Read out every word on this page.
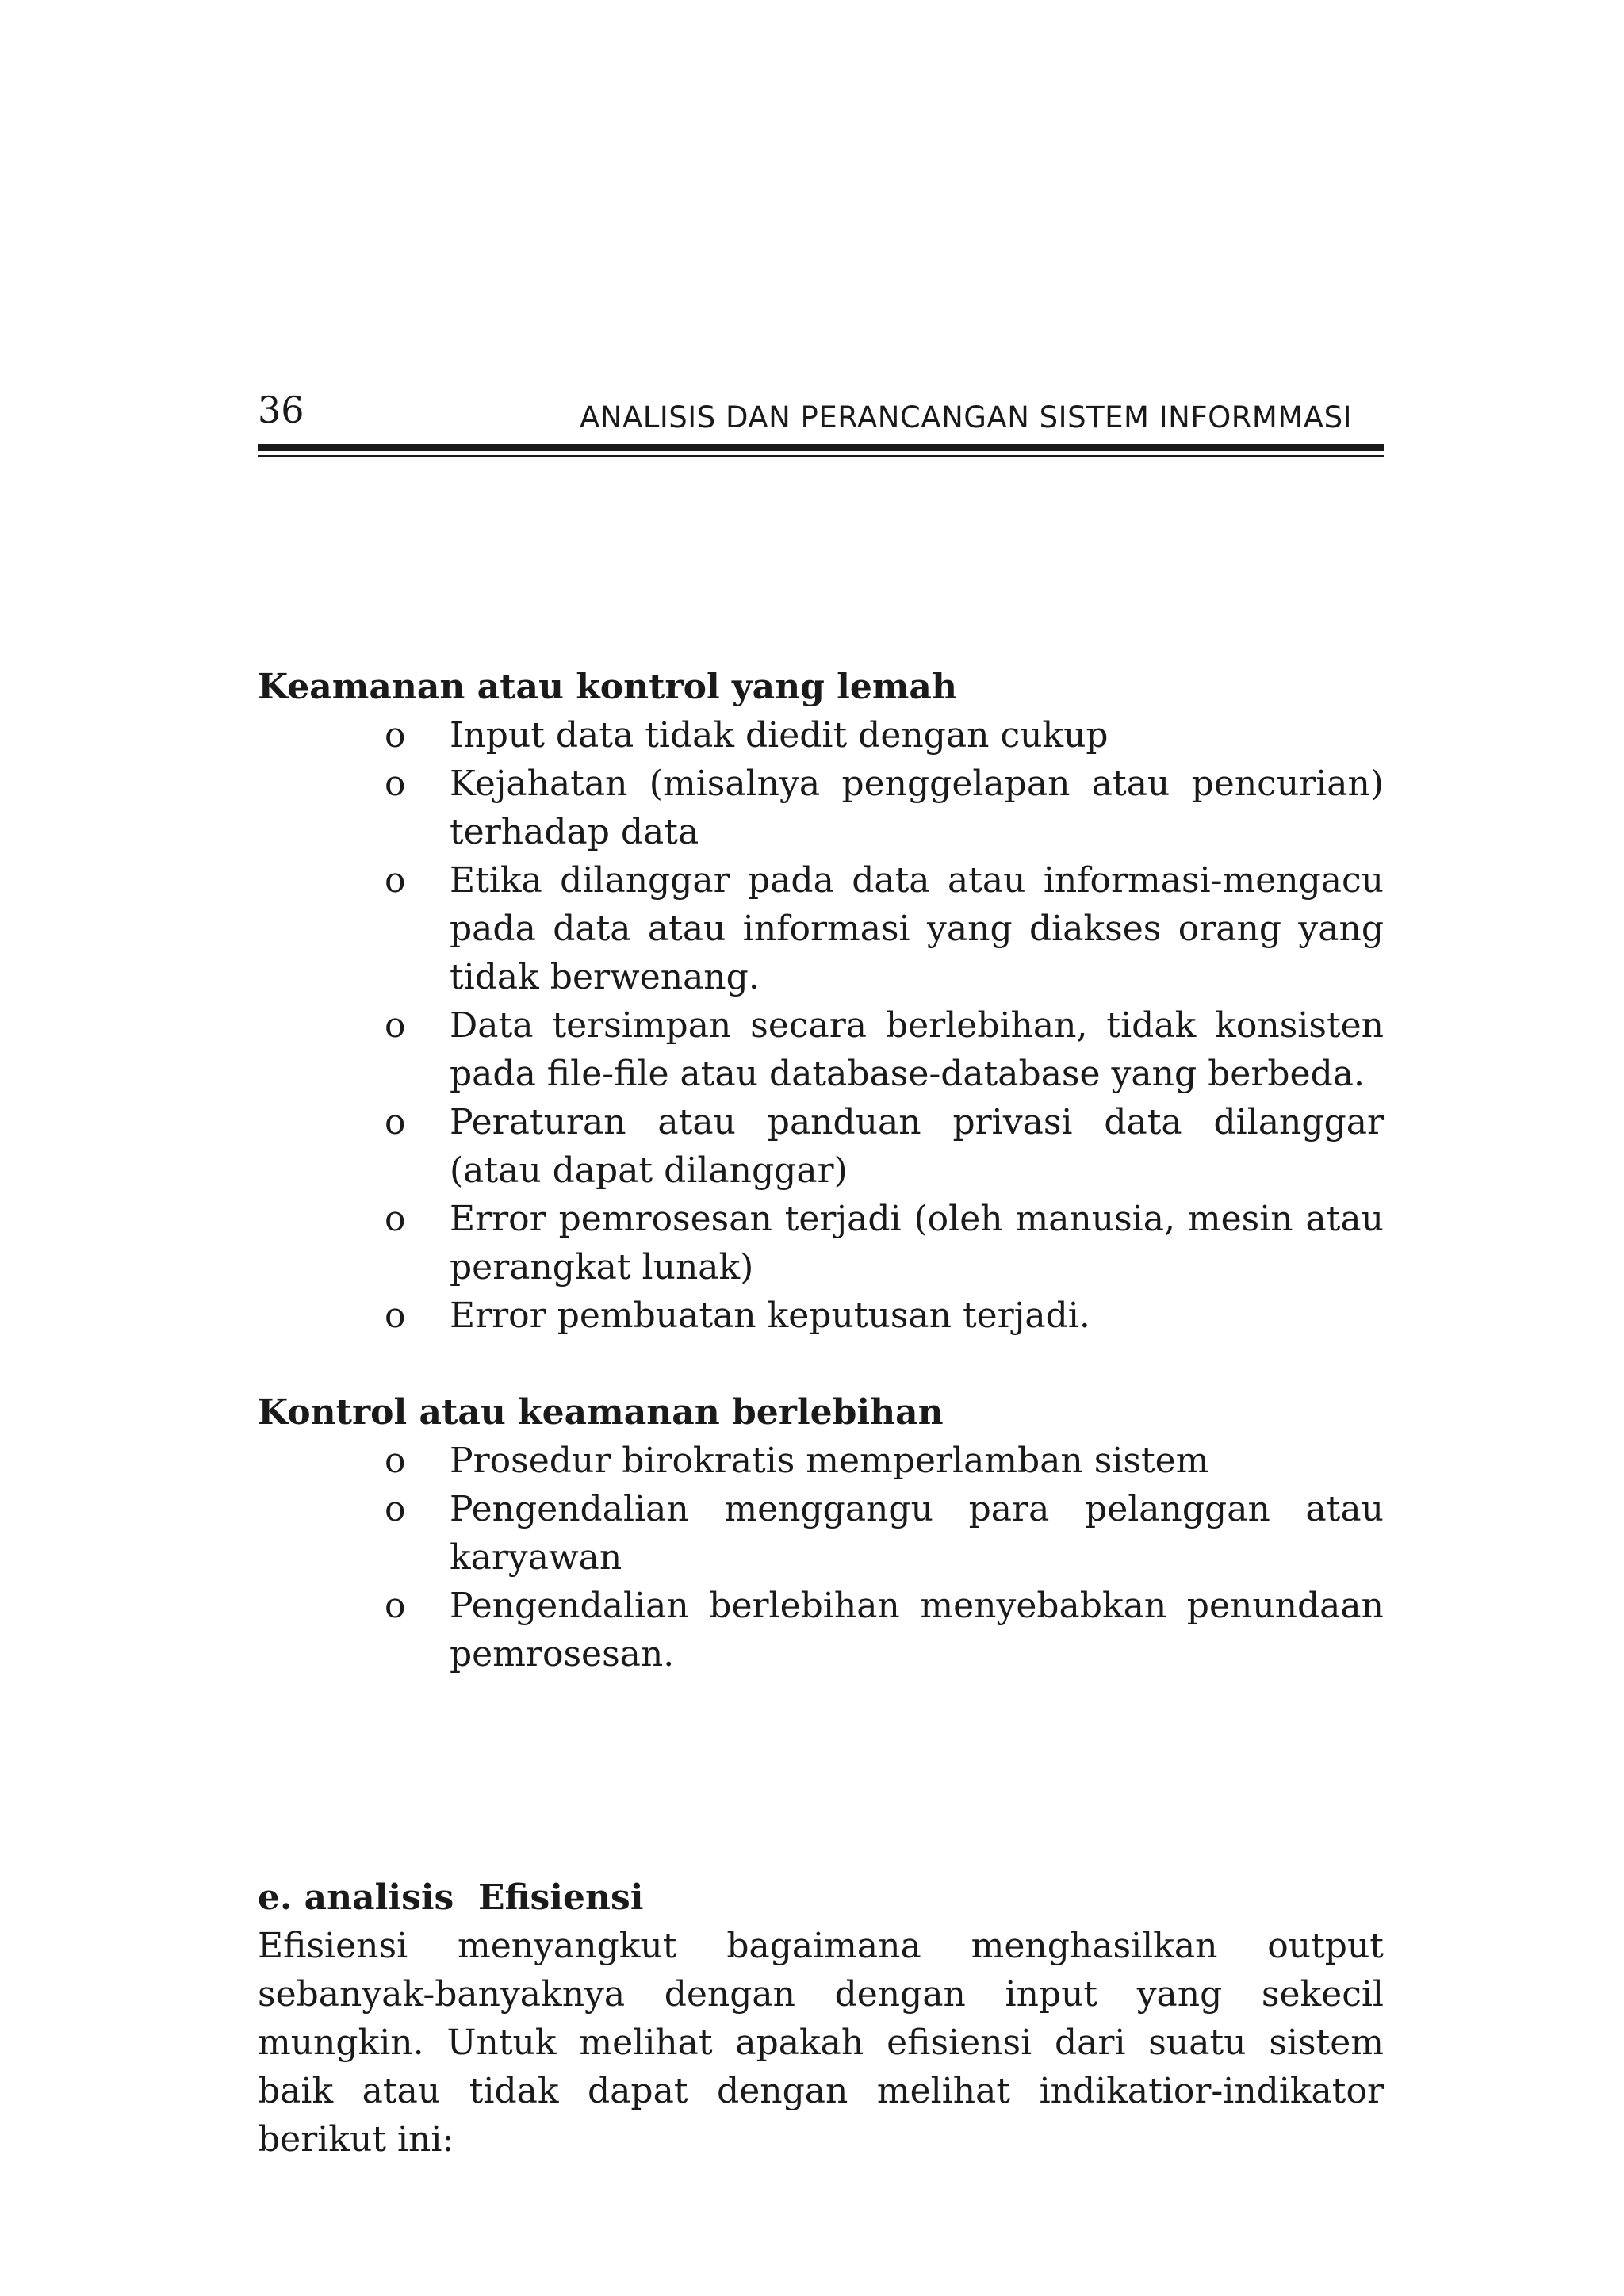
36	ANALISIS DAN PERANCANGAN SISTEM INFORMMASI

Keamanan atau kontrol yang lemah

o Input data tidak diedit dengan cukup
o Kejahatan (misalnya penggelapan atau pencurian) terhadap data
o Etika dilanggar pada data atau informasi-mengacu pada data atau informasi yang diakses orang yang tidak berwenang.
o Data tersimpan secara berlebihan, tidak konsisten pada file-file atau database-database yang berbeda.
o Peraturan atau panduan privasi data dilanggar (atau dapat dilanggar)
o Error pemrosesan terjadi (oleh manusia, mesin atau perangkat lunak)
o Error pembuatan keputusan terjadi.

Kontrol atau keamanan berlebihan

o Prosedur birokratis memperlamban sistem
o Pengendalian menggangu para pelanggan atau karyawan
o Pengendalian berlebihan menyebabkan penundaan pemrosesan.

e. analisis  Efisiensi

Efisiensi menyangkut bagaimana menghasilkan output sebanyak-banyaknya dengan dengan input yang sekecil mungkin. Untuk melihat apakah efisiensi dari suatu sistem baik atau tidak dapat dengan melihat indikatior-indikator berikut ini:
